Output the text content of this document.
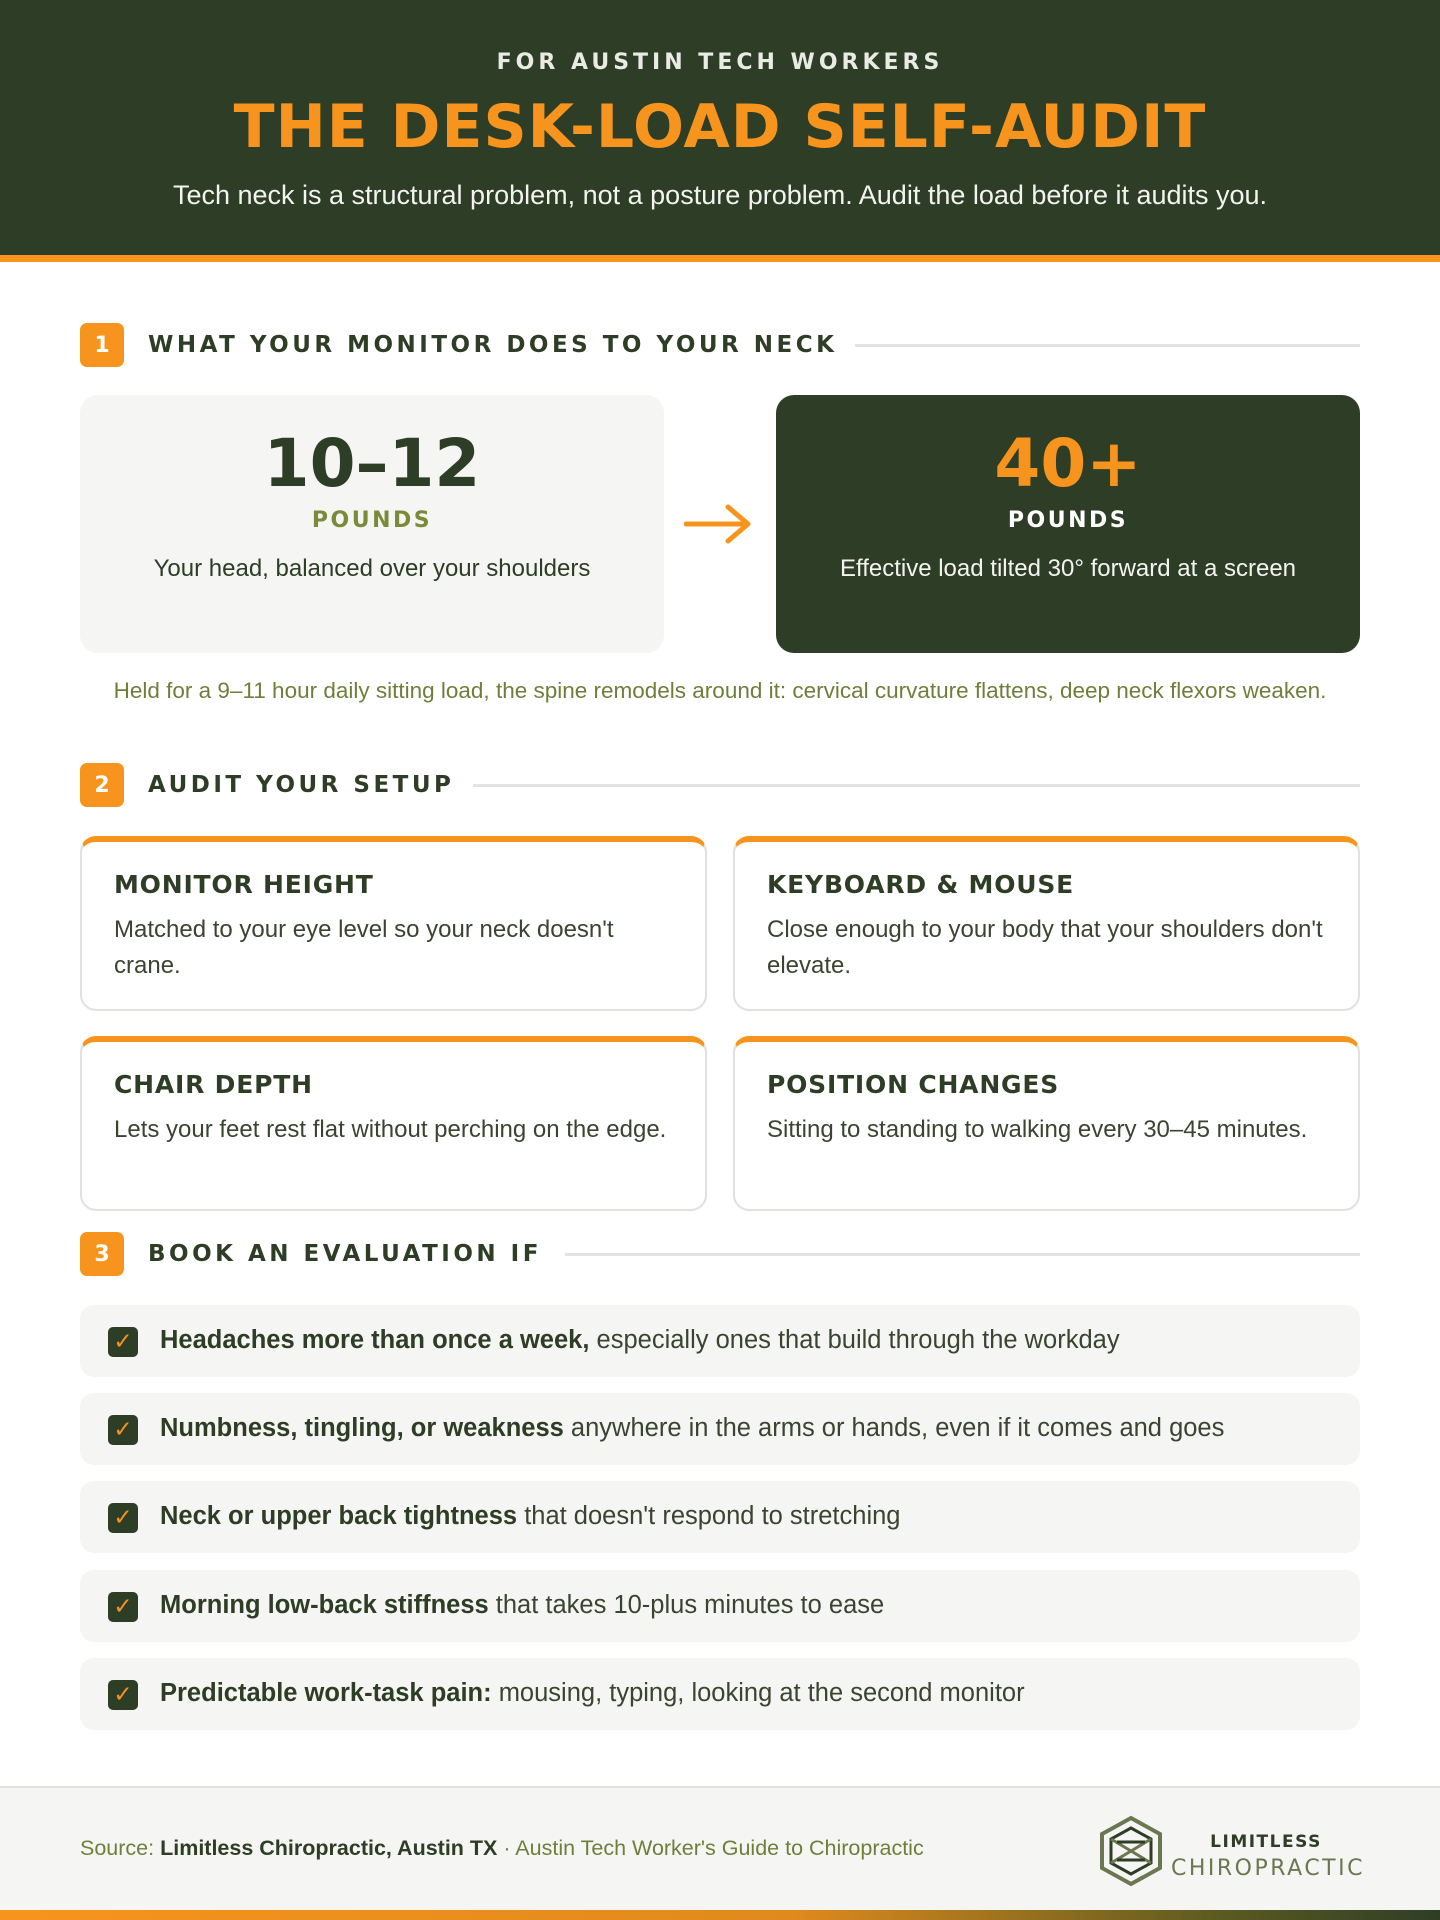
FOR AUSTIN TECH WORKERS
THE DESK-LOAD SELF-AUDIT

Tech neck is a structural problem, not a posture problem. Audit the load before it audits you.

1	WHAT YOUR MONITOR DOES TO YOUR NECK
10–12
POUNDS
Your head, balanced over your shoulders
40+
POUNDS
Effective load tilted 30° forward at a screen

Held for a 9–11 hour daily sitting load, the spine remodels around it: cervical curvature flattens, deep neck flexors weaken.

2	AUDIT YOUR SETUP
MONITOR HEIGHT
Matched to your eye level so your neck doesn't crane.
KEYBOARD & MOUSE
Close enough to your body that your shoulders don't elevate.
CHAIR DEPTH
Lets your feet rest flat without perching on the edge.
POSITION CHANGES
Sitting to standing to walking every 30–45 minutes.
3	BOOK AN EVALUATION IF
✓ Headaches more than once a week, especially ones that build through the workday
✓ Numbness, tingling, or weakness anywhere in the arms or hands, even if it comes and goes
✓ Neck or upper back tightness that doesn't respond to stretching
✓ Morning low-back stiffness that takes 10-plus minutes to ease
✓ Predictable work-task pain: mousing, typing, looking at the second monitor
Source: Limitless Chiropractic, Austin TX · Austin Tech Worker's Guide to Chiropractic	LIMITLESS
CHIROPRACTIC
